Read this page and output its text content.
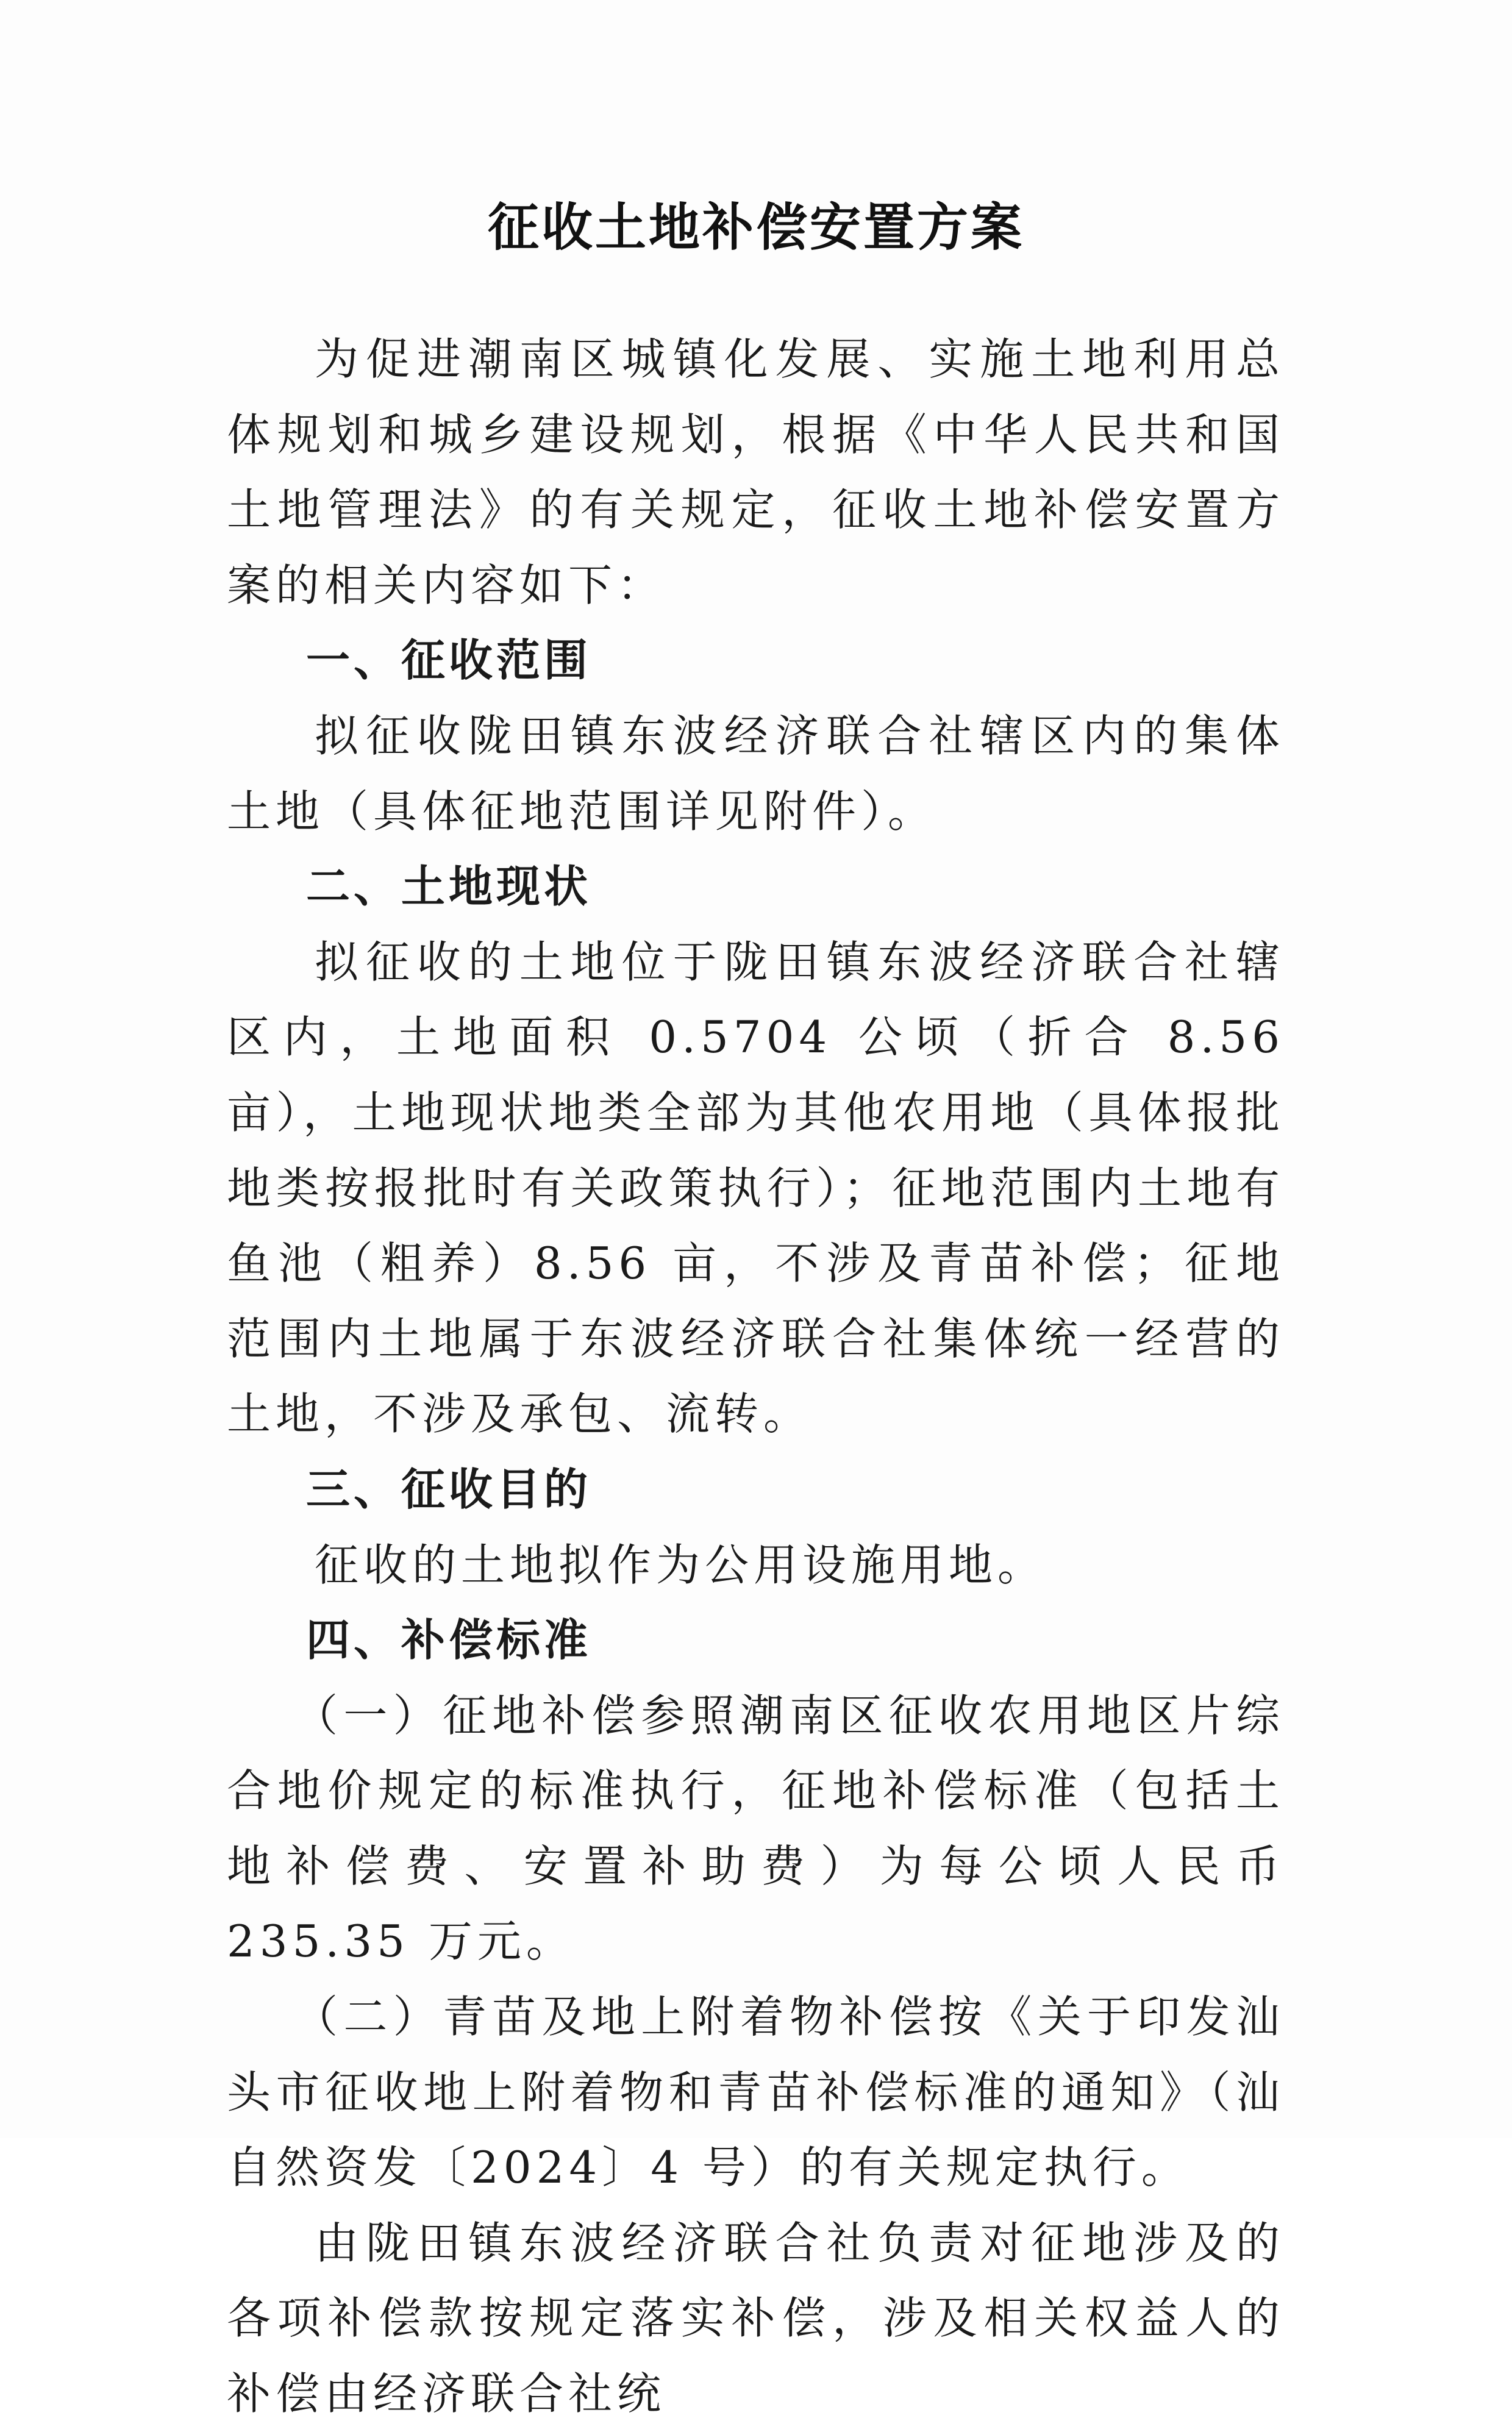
征收土地补偿安置方案

为促进潮南区城镇化发展、实施土地利用总体规划和城乡建设规划，根据《中华人民共和国土地管理法》的有关规定，征收土地补偿安置方案的相关内容如下：

一、征收范围

拟征收陇田镇东波经济联合社辖区内的集体土地（具体征地范围详见附件）。

二、土地现状

拟征收的土地位于陇田镇东波经济联合社辖区内，土地面积 0.5704 公顷（折合 8.56 亩），土地现状地类全部为其他农用地（具体报批地类按报批时有关政策执行）；征地范围内土地有鱼池（粗养）8.56 亩，不涉及青苗补偿；征地范围内土地属于东波经济联合社集体统一经营的土地，不涉及承包、流转。

三、征收目的

征收的土地拟作为公用设施用地。

四、补偿标准

（一）征地补偿参照潮南区征收农用地区片综合地价规定的标准执行，征地补偿标准（包括土地补偿费、安置补助费）为每公顷人民币 235.35 万元。

（二）青苗及地上附着物补偿按《关于印发汕头市征收地上附着物和青苗补偿标准的通知》（汕自然资发〔2024〕4 号）的有关规定执行。

由陇田镇东波经济联合社负责对征地涉及的各项补偿款按规定落实补偿，涉及相关权益人的补偿由经济联合社统
